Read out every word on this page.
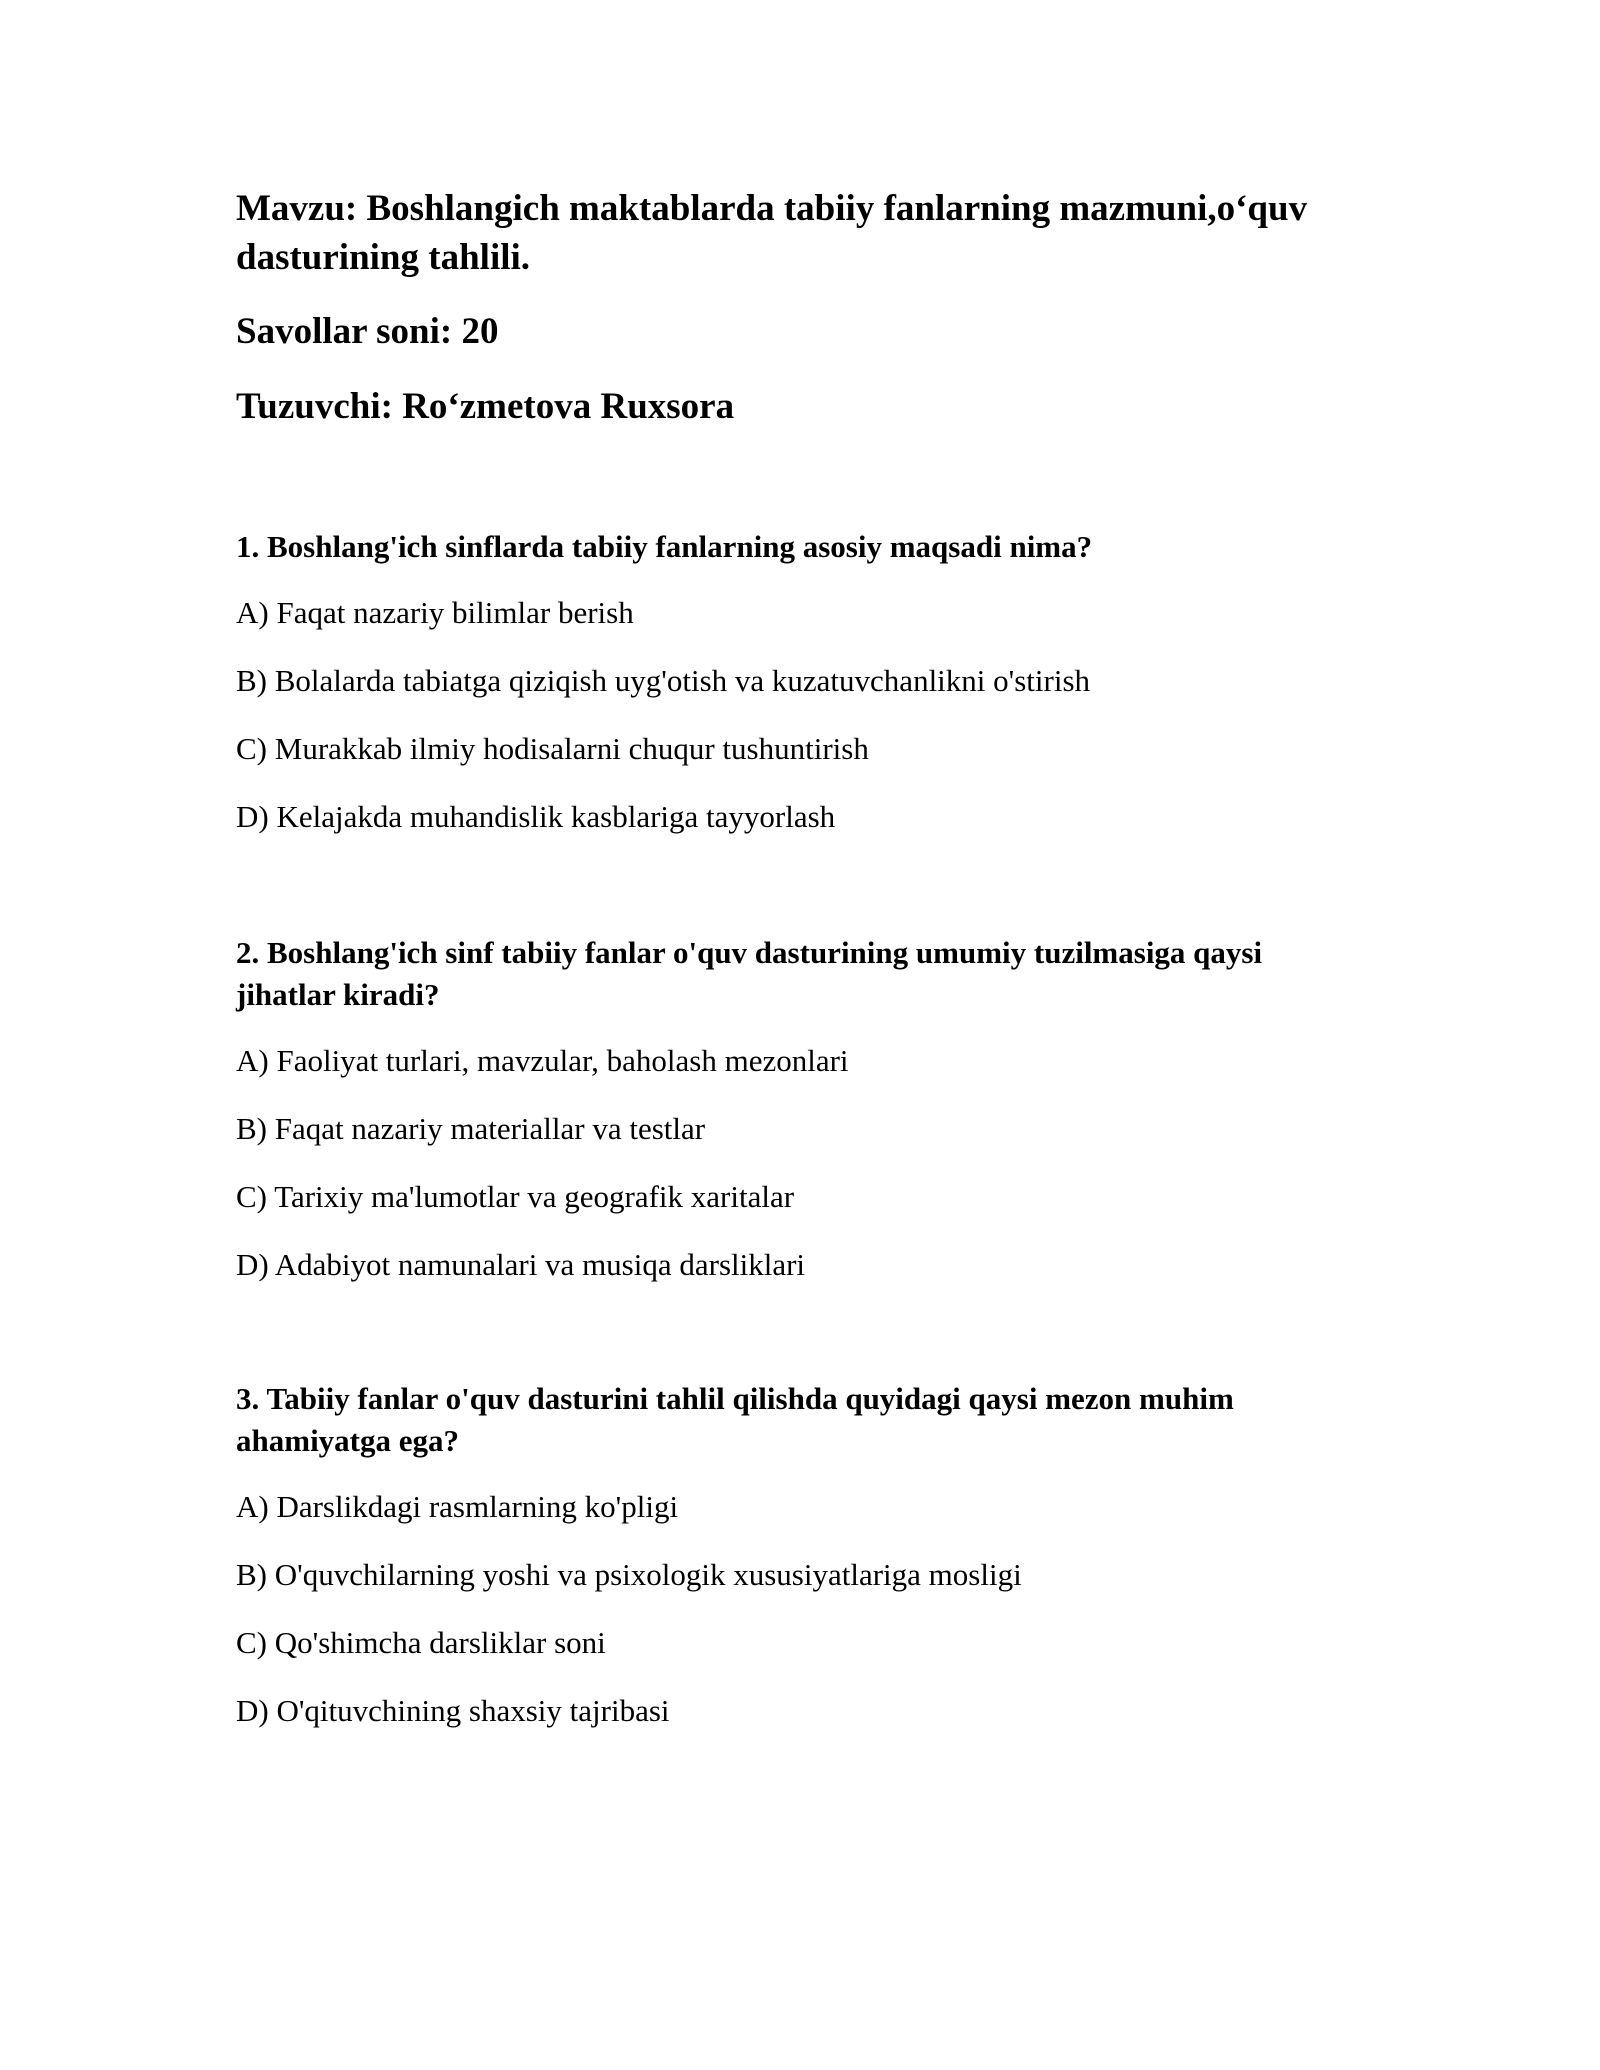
Mavzu: Boshlangich maktablarda tabiiy fanlarning mazmuni,o‘quv dasturining tahlili.

Savollar soni: 20

Tuzuvchi: Ro‘zmetova Ruxsora

1. Boshlang'ich sinflarda tabiiy fanlarning asosiy maqsadi nima?

A) Faqat nazariy bilimlar berish
B) Bolalarda tabiatga qiziqish uyg'otish va kuzatuvchanlikni o'stirish
C) Murakkab ilmiy hodisalarni chuqur tushuntirish
D) Kelajakda muhandislik kasblariga tayyorlash

2. Boshlang'ich sinf tabiiy fanlar o'quv dasturining umumiy tuzilmasiga qaysi jihatlar kiradi?

A) Faoliyat turlari, mavzular, baholash mezonlari
B) Faqat nazariy materiallar va testlar
C) Tarixiy ma'lumotlar va geografik xaritalar
D) Adabiyot namunalari va musiqa darsliklari

3. Tabiiy fanlar o'quv dasturini tahlil qilishda quyidagi qaysi mezon muhim ahamiyatga ega?

A) Darslikdagi rasmlarning ko'pligi
B) O'quvchilarning yoshi va psixologik xususiyatlariga mosligi
C) Qo'shimcha darsliklar soni
D) O'qituvchining shaxsiy tajribasi
